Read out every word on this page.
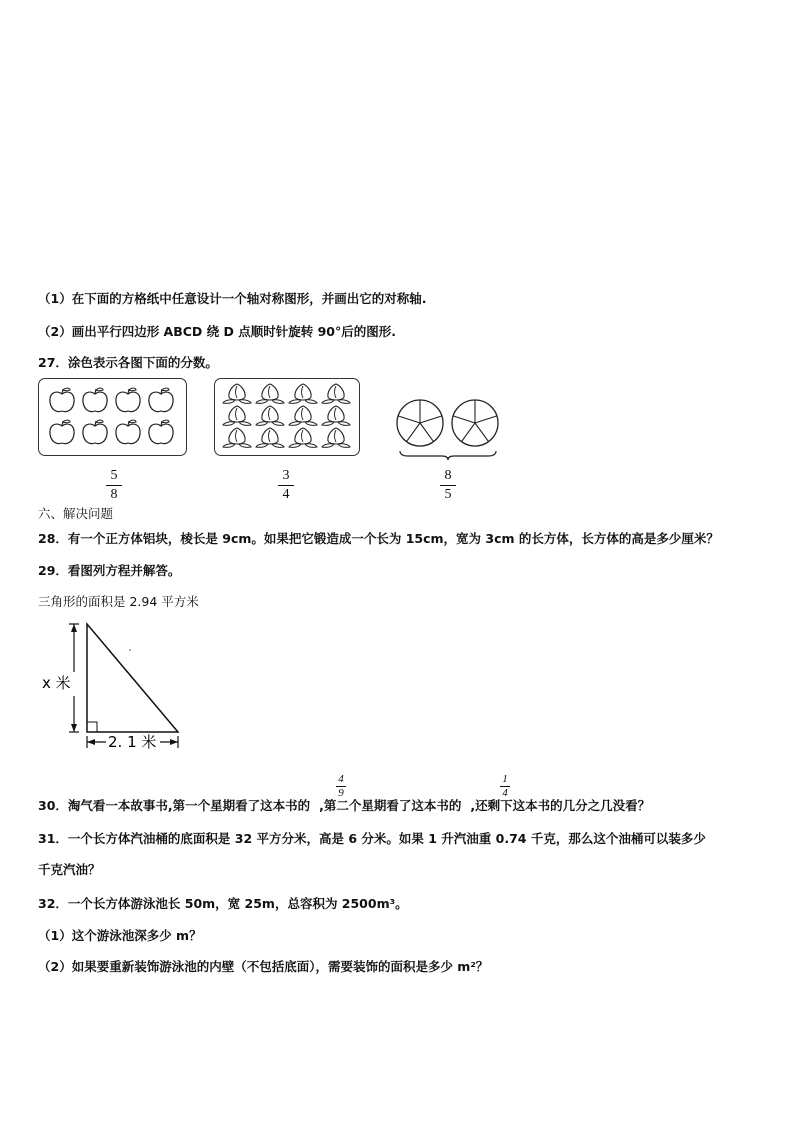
（1）在下面的方格纸中任意设计一个轴对称图形，并画出它的对称轴.
（2）画出平行四边形 ABCD 绕 D 点顺时针旋转 90°后的图形.
27．涂色表示各图下面的分数。
5
8
3
4
8
5
六、解决问题
28．有一个正方体铝块，棱长是 9cm。如果把它锻造成一个长为 15cm，宽为 3cm 的长方体，长方体的高是多少厘米？
29．看图列方程并解答。
三角形的面积是 2.94 平方米
x 米
2. 1 米
30．淘气看一本故事书,第一个星期看了这本书的 ,第二个星期看了这本书的 ,还剩下这本书的几分之几没看？
4
9
1
4
31．一个长方体汽油桶的底面积是 32 平方分米，高是 6 分米。如果 1 升汽油重 0.74 千克，那么这个油桶可以装多少
千克汽油？
32．一个长方体游泳池长 50m，宽 25m，总容积为 2500m³。
（1）这个游泳池深多少 m？
（2）如果要重新装饰游泳池的内壁（不包括底面），需要装饰的面积是多少 m²？
